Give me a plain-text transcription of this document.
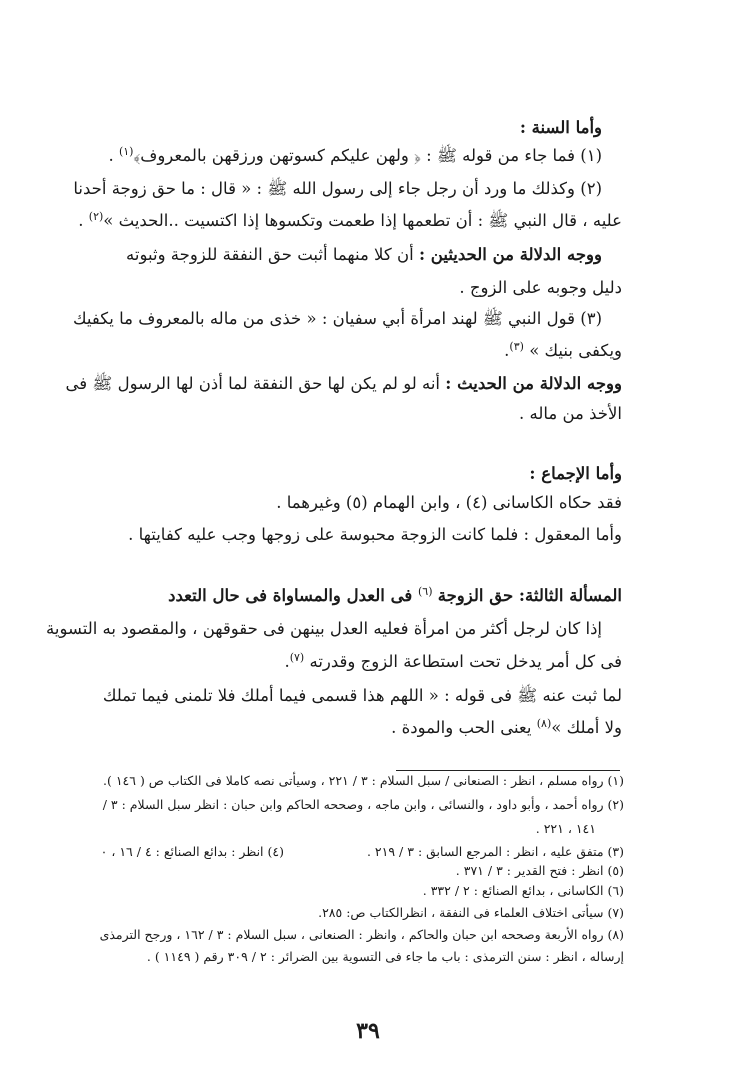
وأما السنة :
(١) فما جاء من قوله ﷺ : ﴿ ولهن عليكم كسوتهن ورزقهن بالمعروف﴾$^{(١)}$ .
(٢) وكذلك ما ورد أن رجل جاء إلى رسول الله ﷺ : « قال : ما حق زوجة أحدنا
عليه ، قال النبي ﷺ : أن تطعمها إذا طعمت وتكسوها إذا اكتسيت ..الحديث »$^{(٢)}$ .
ووجه الدلالة من الحديثين : أن كلا منهما أثبت حق النفقة للزوجة وثبوته
دليل وجوبه على الزوج .
(٣) قول النبي ﷺ لهند امرأة أبي سفيان : « خذى من ماله بالمعروف ما يكفيك
ويكفى بنيك » $^{(٣)}$.
ووجه الدلالة من الحديث : أنه لو لم يكن لها حق النفقة لما أذن لها الرسول ﷺ فى
الأخذ من ماله .
وأما الإجماع :
فقد حكاه الكاسانى (٤) ، وابن الهمام (٥) وغيرهما .
وأما المعقول : فلما كانت الزوجة محبوسة على زوجها وجب عليه كفايتها .
المسألة الثالثة: حق الزوجة $^{(٦)}$ فى العدل والمساواة فى حال التعدد
إذا كان لرجل أكثر من امرأة فعليه العدل بينهن فى حقوقهن ، والمقصود به التسوية
فى كل أمر يدخل تحت استطاعة الزوج وقدرته $^{(٧)}$.
لما ثبت عنه ﷺ فى قوله : « اللهم هذا قسمى فيما أملك فلا تلمنى فيما تملك
ولا أملك »$^{(٨)}$ يعنى الحب والمودة .
(١) رواه مسلم ، انظر : الصنعانى / سبل السلام : ٣ / ٢٢١ ، وسيأتى نصه كاملا فى الكتاب ص ( ١٤٦ ).
(٢) رواه أحمد ، وأبو داود ، والنسائى ، وابن ماجه ، وصححه الحاكم وابن حبان : انظر سبل السلام : ٣ /
١٤١ ، ٢٢١ .
(٣) متفق عليه ، انظر : المرجع السابق : ٣ / ٢١٩ .
(٤) انظر : بدائع الصنائع : ٤ / ١٦ ، ٠
(٥) انظر : فتح القدير : ٣ / ٣٧١ .
(٦) الكاسانى ، بدائع الصنائع : ٢ / ٣٣٢ .
(٧) سيأتى اختلاف العلماء فى النفقة ، انظرالكتاب ص: ٢٨٥.
(٨) رواه الأربعة وصححه ابن حبان والحاكم ، وانظر : الصنعانى ، سبل السلام : ٣ / ١٦٢ ، ورجح الترمذى
إرساله ، انظر : سنن الترمذى : باب ما جاء فى التسوية بين الضرائر : ٢ / ٣٠٩ رقم ( ١١٤٩ ) .
٣٩
